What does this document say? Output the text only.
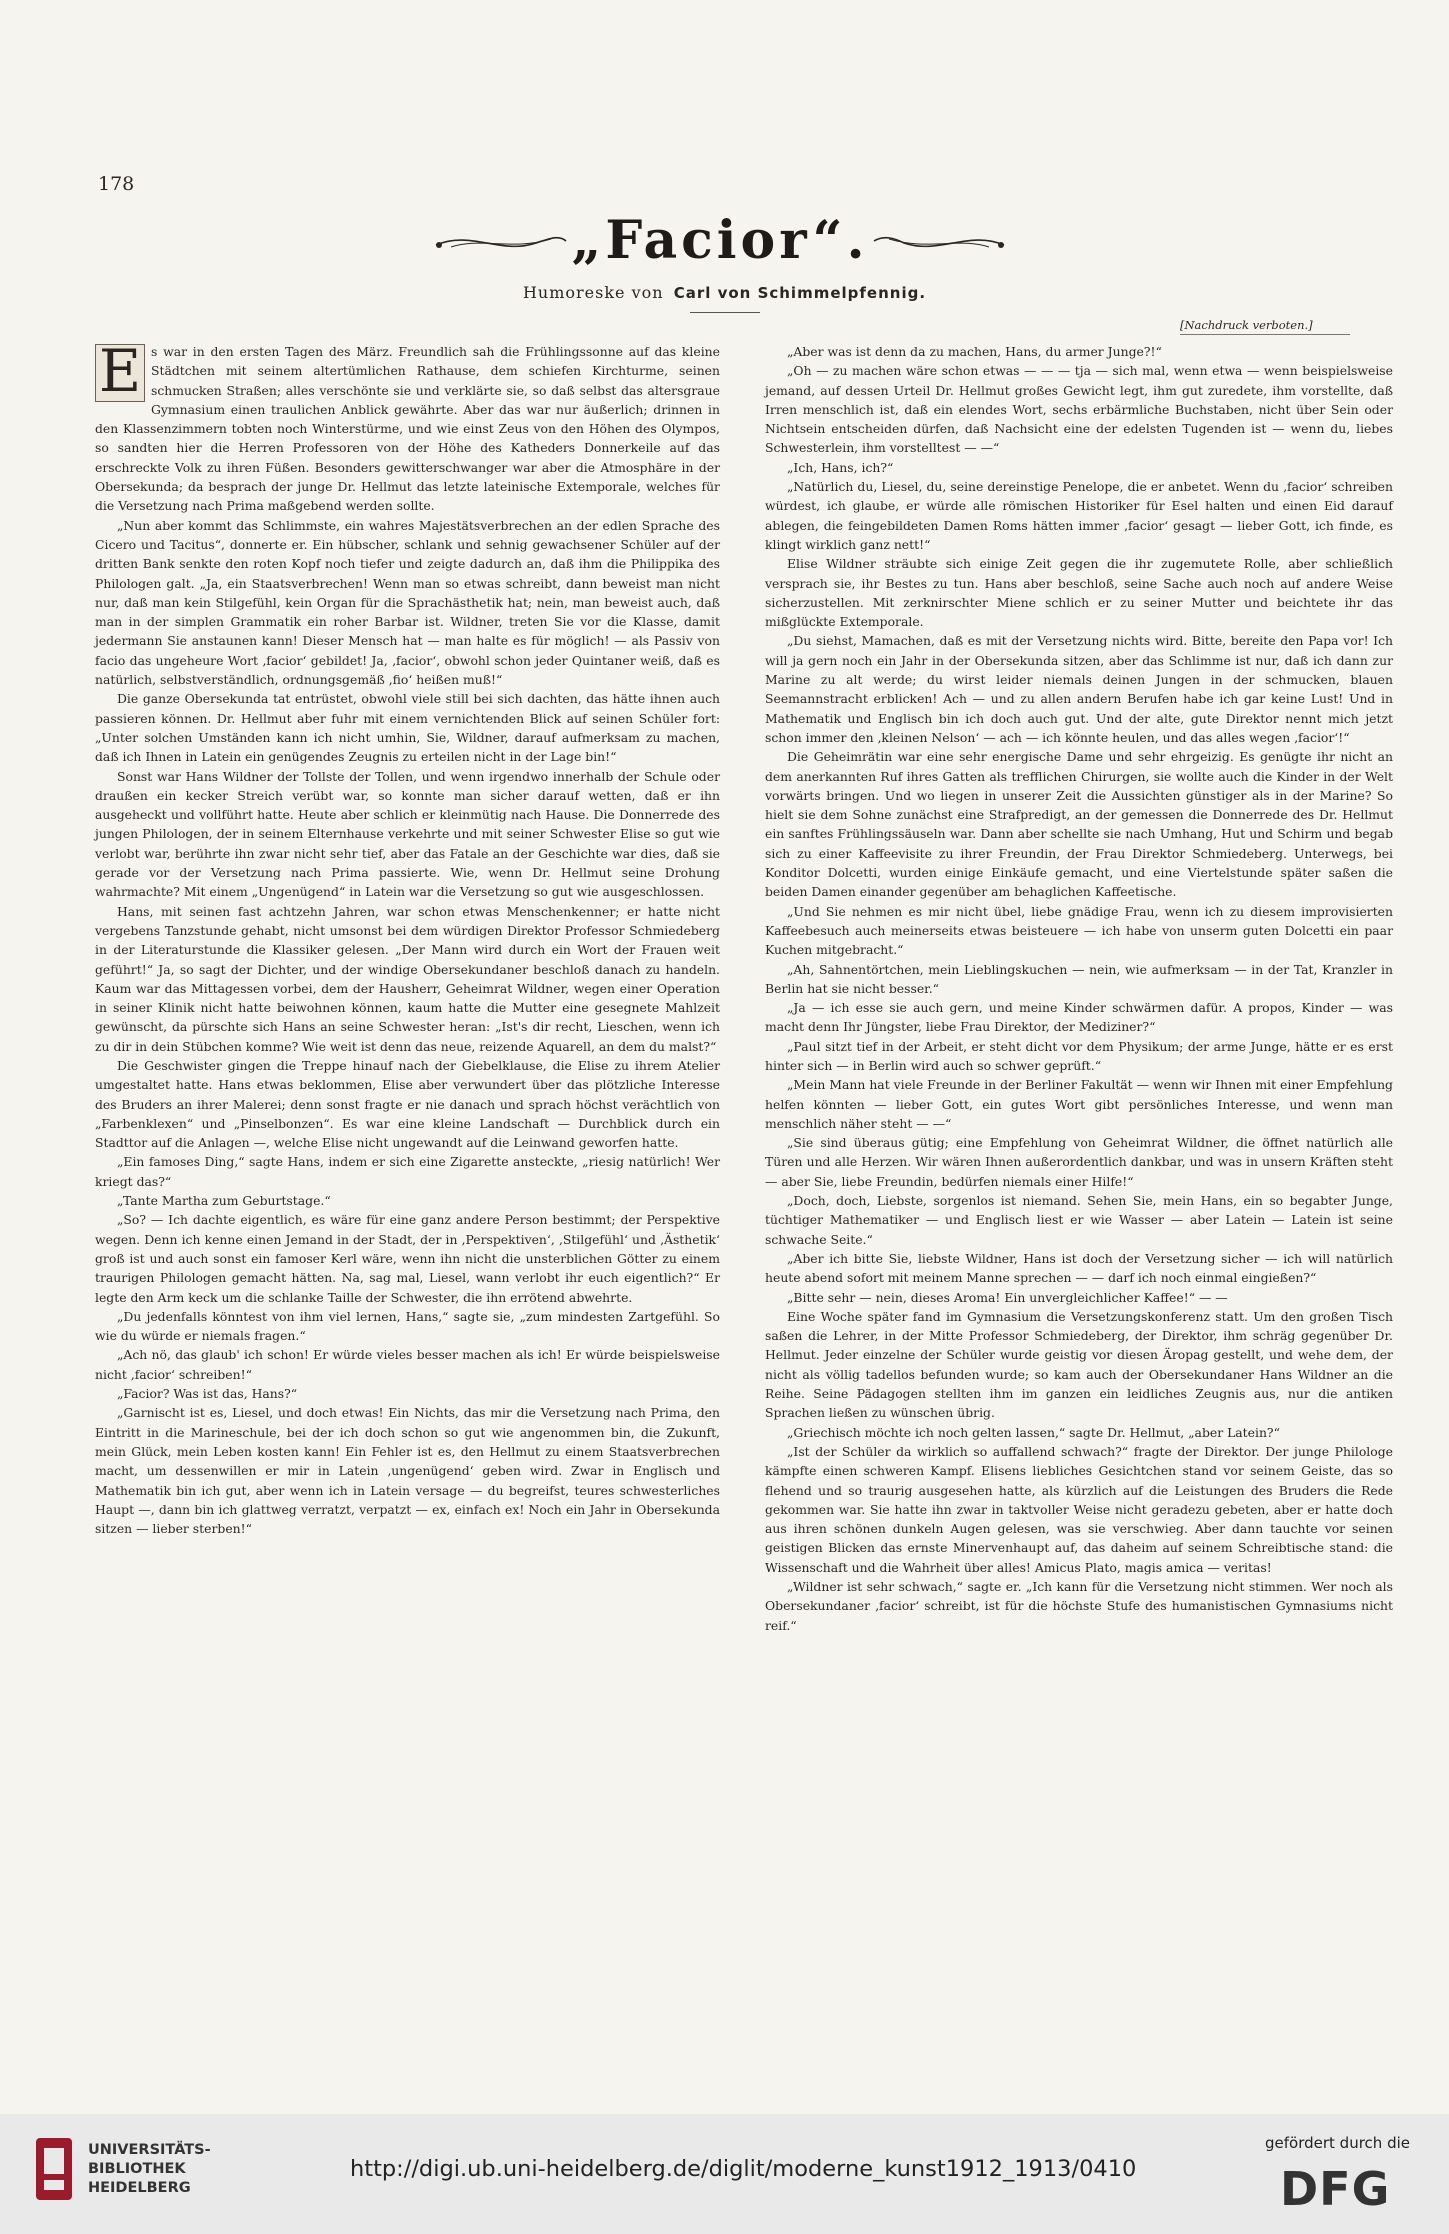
178
„Facior“.
Humoreske von Carl von Schimmelpfennig.
[Nachdruck verboten.]

E s war in den ersten Tagen des März. Freundlich sah die Frühlingssonne auf das kleine Städtchen mit seinem altertümlichen Rathause, dem schiefen Kirchturme, seinen schmucken Straßen; alles verschönte sie und verklärte sie, so daß selbst das altersgraue Gymnasium einen traulichen Anblick gewährte. Aber das war nur äußerlich; drinnen in den Klassenzimmern tobten noch Winterstürme, und wie einst Zeus von den Höhen des Olympos, so sandten hier die Herren Professoren von der Höhe des Katheders Donnerkeile auf das erschreckte Volk zu ihren Füßen. Besonders gewitterschwanger war aber die Atmosphäre in der Obersekunda; da besprach der junge Dr. Hellmut das letzte lateinische Extemporale, welches für die Versetzung nach Prima maßgebend werden sollte.

„Nun aber kommt das Schlimmste, ein wahres Majestätsverbrechen an der edlen Sprache des Cicero und Tacitus“, donnerte er. Ein hübscher, schlank und sehnig gewachsener Schüler auf der dritten Bank senkte den roten Kopf noch tiefer und zeigte dadurch an, daß ihm die Philippika des Philologen galt. „Ja, ein Staatsverbrechen! Wenn man so etwas schreibt, dann beweist man nicht nur, daß man kein Stilgefühl, kein Organ für die Sprachästhetik hat; nein, man beweist auch, daß man in der simplen Grammatik ein roher Barbar ist. Wildner, treten Sie vor die Klasse, damit jedermann Sie anstaunen kann! Dieser Mensch hat — man halte es für möglich! — als Passiv von facio das ungeheure Wort ‚facior‘ gebildet! Ja, ‚facior‘, obwohl schon jeder Quintaner weiß, daß es natürlich, selbstverständlich, ordnungsgemäß ‚fio‘ heißen muß!“

Die ganze Obersekunda tat entrüstet, obwohl viele still bei sich dachten, das hätte ihnen auch passieren können. Dr. Hellmut aber fuhr mit einem vernichtenden Blick auf seinen Schüler fort: „Unter solchen Umständen kann ich nicht umhin, Sie, Wildner, darauf aufmerksam zu machen, daß ich Ihnen in Latein ein genügendes Zeugnis zu erteilen nicht in der Lage bin!“

Sonst war Hans Wildner der Tollste der Tollen, und wenn irgendwo innerhalb der Schule oder draußen ein kecker Streich verübt war, so konnte man sicher darauf wetten, daß er ihn ausgeheckt und vollführt hatte. Heute aber schlich er kleinmütig nach Hause. Die Donnerrede des jungen Philologen, der in seinem Elternhause verkehrte und mit seiner Schwester Elise so gut wie verlobt war, berührte ihn zwar nicht sehr tief, aber das Fatale an der Geschichte war dies, daß sie gerade vor der Versetzung nach Prima passierte. Wie, wenn Dr. Hellmut seine Drohung wahrmachte? Mit einem „Ungenügend“ in Latein war die Versetzung so gut wie ausgeschlossen.

Hans, mit seinen fast achtzehn Jahren, war schon etwas Menschenkenner; er hatte nicht vergebens Tanzstunde gehabt, nicht umsonst bei dem würdigen Direktor Professor Schmiedeberg in der Literaturstunde die Klassiker gelesen. „Der Mann wird durch ein Wort der Frauen weit geführt!“ Ja, so sagt der Dichter, und der windige Obersekundaner beschloß danach zu handeln. Kaum war das Mittagessen vorbei, dem der Hausherr, Geheimrat Wildner, wegen einer Operation in seiner Klinik nicht hatte beiwohnen können, kaum hatte die Mutter eine gesegnete Mahlzeit gewünscht, da pürschte sich Hans an seine Schwester heran: „Ist's dir recht, Lieschen, wenn ich zu dir in dein Stübchen komme? Wie weit ist denn das neue, reizende Aquarell, an dem du malst?“

Die Geschwister gingen die Treppe hinauf nach der Giebelklause, die Elise zu ihrem Atelier umgestaltet hatte. Hans etwas beklommen, Elise aber verwundert über das plötzliche Interesse des Bruders an ihrer Malerei; denn sonst fragte er nie danach und sprach höchst verächtlich von „Farbenklexen“ und „Pinselbonzen“. Es war eine kleine Landschaft — Durchblick durch ein Stadttor auf die Anlagen —, welche Elise nicht ungewandt auf die Leinwand geworfen hatte.

„Ein famoses Ding,“ sagte Hans, indem er sich eine Zigarette ansteckte, „riesig natürlich! Wer kriegt das?“

„Tante Martha zum Geburtstage.“

„So? — Ich dachte eigentlich, es wäre für eine ganz andere Person bestimmt; der Perspektive wegen. Denn ich kenne einen Jemand in der Stadt, der in ‚Perspektiven‘, ‚Stilgefühl‘ und ‚Ästhetik‘ groß ist und auch sonst ein famoser Kerl wäre, wenn ihn nicht die unsterblichen Götter zu einem traurigen Philologen gemacht hätten. Na, sag mal, Liesel, wann verlobt ihr euch eigentlich?“ Er legte den Arm keck um die schlanke Taille der Schwester, die ihn errötend abwehrte.

„Du jedenfalls könntest von ihm viel lernen, Hans,“ sagte sie, „zum mindesten Zartgefühl. So wie du würde er niemals fragen.“

„Ach nö, das glaub' ich schon! Er würde vieles besser machen als ich! Er würde beispielsweise nicht ‚facior‘ schreiben!“

„Facior? Was ist das, Hans?“

„Garnischt ist es, Liesel, und doch etwas! Ein Nichts, das mir die Versetzung nach Prima, den Eintritt in die Marineschule, bei der ich doch schon so gut wie angenommen bin, die Zukunft, mein Glück, mein Leben kosten kann! Ein Fehler ist es, den Hellmut zu einem Staatsverbrechen macht, um dessenwillen er mir in Latein ‚ungenügend‘ geben wird. Zwar in Englisch und Mathematik bin ich gut, aber wenn ich in Latein versage — du begreifst, teures schwesterliches Haupt —, dann bin ich glattweg verratzt, verpatzt — ex, einfach ex! Noch ein Jahr in Obersekunda sitzen — lieber sterben!“

„Aber was ist denn da zu machen, Hans, du armer Junge?!“

„Oh — zu machen wäre schon etwas — — — tja — sich mal, wenn etwa — wenn beispielsweise jemand, auf dessen Urteil Dr. Hellmut großes Gewicht legt, ihm gut zuredete, ihm vorstellte, daß Irren menschlich ist, daß ein elendes Wort, sechs erbärmliche Buchstaben, nicht über Sein oder Nichtsein entscheiden dürfen, daß Nachsicht eine der edelsten Tugenden ist — wenn du, liebes Schwesterlein, ihm vorstelltest — —“

„Ich, Hans, ich?“

„Natürlich du, Liesel, du, seine dereinstige Penelope, die er anbetet. Wenn du ‚facior‘ schreiben würdest, ich glaube, er würde alle römischen Historiker für Esel halten und einen Eid darauf ablegen, die feingebildeten Damen Roms hätten immer ‚facior‘ gesagt — lieber Gott, ich finde, es klingt wirklich ganz nett!“

Elise Wildner sträubte sich einige Zeit gegen die ihr zugemutete Rolle, aber schließlich versprach sie, ihr Bestes zu tun. Hans aber beschloß, seine Sache auch noch auf andere Weise sicherzustellen. Mit zerknirschter Miene schlich er zu seiner Mutter und beichtete ihr das mißglückte Extemporale.

„Du siehst, Mamachen, daß es mit der Versetzung nichts wird. Bitte, bereite den Papa vor! Ich will ja gern noch ein Jahr in der Obersekunda sitzen, aber das Schlimme ist nur, daß ich dann zur Marine zu alt werde; du wirst leider niemals deinen Jungen in der schmucken, blauen Seemannstracht erblicken! Ach — und zu allen andern Berufen habe ich gar keine Lust! Und in Mathematik und Englisch bin ich doch auch gut. Und der alte, gute Direktor nennt mich jetzt schon immer den ‚kleinen Nelson‘ — ach — ich könnte heulen, und das alles wegen ‚facior‘!“

Die Geheimrätin war eine sehr energische Dame und sehr ehrgeizig. Es genügte ihr nicht an dem anerkannten Ruf ihres Gatten als trefflichen Chirurgen, sie wollte auch die Kinder in der Welt vorwärts bringen. Und wo liegen in unserer Zeit die Aussichten günstiger als in der Marine? So hielt sie dem Sohne zunächst eine Strafpredigt, an der gemessen die Donnerrede des Dr. Hellmut ein sanftes Frühlingssäuseln war. Dann aber schellte sie nach Umhang, Hut und Schirm und begab sich zu einer Kaffeevisite zu ihrer Freundin, der Frau Direktor Schmiedeberg. Unterwegs, bei Konditor Dolcetti, wurden einige Einkäufe gemacht, und eine Viertelstunde später saßen die beiden Damen einander gegenüber am behaglichen Kaffeetische.

„Und Sie nehmen es mir nicht übel, liebe gnädige Frau, wenn ich zu diesem improvisierten Kaffeebesuch auch meinerseits etwas beisteuere — ich habe von unserm guten Dolcetti ein paar Kuchen mitgebracht.“

„Ah, Sahnentörtchen, mein Lieblingskuchen — nein, wie aufmerksam — in der Tat, Kranzler in Berlin hat sie nicht besser.“

„Ja — ich esse sie auch gern, und meine Kinder schwärmen dafür. A propos, Kinder — was macht denn Ihr Jüngster, liebe Frau Direktor, der Mediziner?“

„Paul sitzt tief in der Arbeit, er steht dicht vor dem Physikum; der arme Junge, hätte er es erst hinter sich — in Berlin wird auch so schwer geprüft.“

„Mein Mann hat viele Freunde in der Berliner Fakultät — wenn wir Ihnen mit einer Empfehlung helfen könnten — lieber Gott, ein gutes Wort gibt persönliches Interesse, und wenn man menschlich näher steht — —“

„Sie sind überaus gütig; eine Empfehlung von Geheimrat Wildner, die öffnet natürlich alle Türen und alle Herzen. Wir wären Ihnen außerordentlich dankbar, und was in unsern Kräften steht — aber Sie, liebe Freundin, bedürfen niemals einer Hilfe!“

„Doch, doch, Liebste, sorgenlos ist niemand. Sehen Sie, mein Hans, ein so begabter Junge, tüchtiger Mathematiker — und Englisch liest er wie Wasser — aber Latein — Latein ist seine schwache Seite.“

„Aber ich bitte Sie, liebste Wildner, Hans ist doch der Versetzung sicher — ich will natürlich heute abend sofort mit meinem Manne sprechen — — darf ich noch einmal eingießen?“

„Bitte sehr — nein, dieses Aroma! Ein unvergleichlicher Kaffee!“ — —

Eine Woche später fand im Gymnasium die Versetzungskonferenz statt. Um den großen Tisch saßen die Lehrer, in der Mitte Professor Schmiedeberg, der Direktor, ihm schräg gegenüber Dr. Hellmut. Jeder einzelne der Schüler wurde geistig vor diesen Äropag gestellt, und wehe dem, der nicht als völlig tadellos befunden wurde; so kam auch der Obersekundaner Hans Wildner an die Reihe. Seine Pädagogen stellten ihm im ganzen ein leidliches Zeugnis aus, nur die antiken Sprachen ließen zu wünschen übrig.

„Griechisch möchte ich noch gelten lassen,“ sagte Dr. Hellmut, „aber Latein?“

„Ist der Schüler da wirklich so auffallend schwach?“ fragte der Direktor. Der junge Philologe kämpfte einen schweren Kampf. Elisens liebliches Gesichtchen stand vor seinem Geiste, das so flehend und so traurig ausgesehen hatte, als kürzlich auf die Leistungen des Bruders die Rede gekommen war. Sie hatte ihn zwar in taktvoller Weise nicht geradezu gebeten, aber er hatte doch aus ihren schönen dunkeln Augen gelesen, was sie verschwieg. Aber dann tauchte vor seinen geistigen Blicken das ernste Minervenhaupt auf, das daheim auf seinem Schreibtische stand: die Wissenschaft und die Wahrheit über alles! Amicus Plato, magis amica — veritas!

„Wildner ist sehr schwach,“ sagte er. „Ich kann für die Versetzung nicht stimmen. Wer noch als Obersekundaner ‚facior‘ schreibt, ist für die höchste Stufe des humanistischen Gymnasiums nicht reif.“

UNIVERSITÄTS-
BIBLIOTHEK
HEIDELBERG
http://digi.ub.uni-heidelberg.de/diglit/moderne_kunst1912_1913/0410
gefördert durch die
DFG
